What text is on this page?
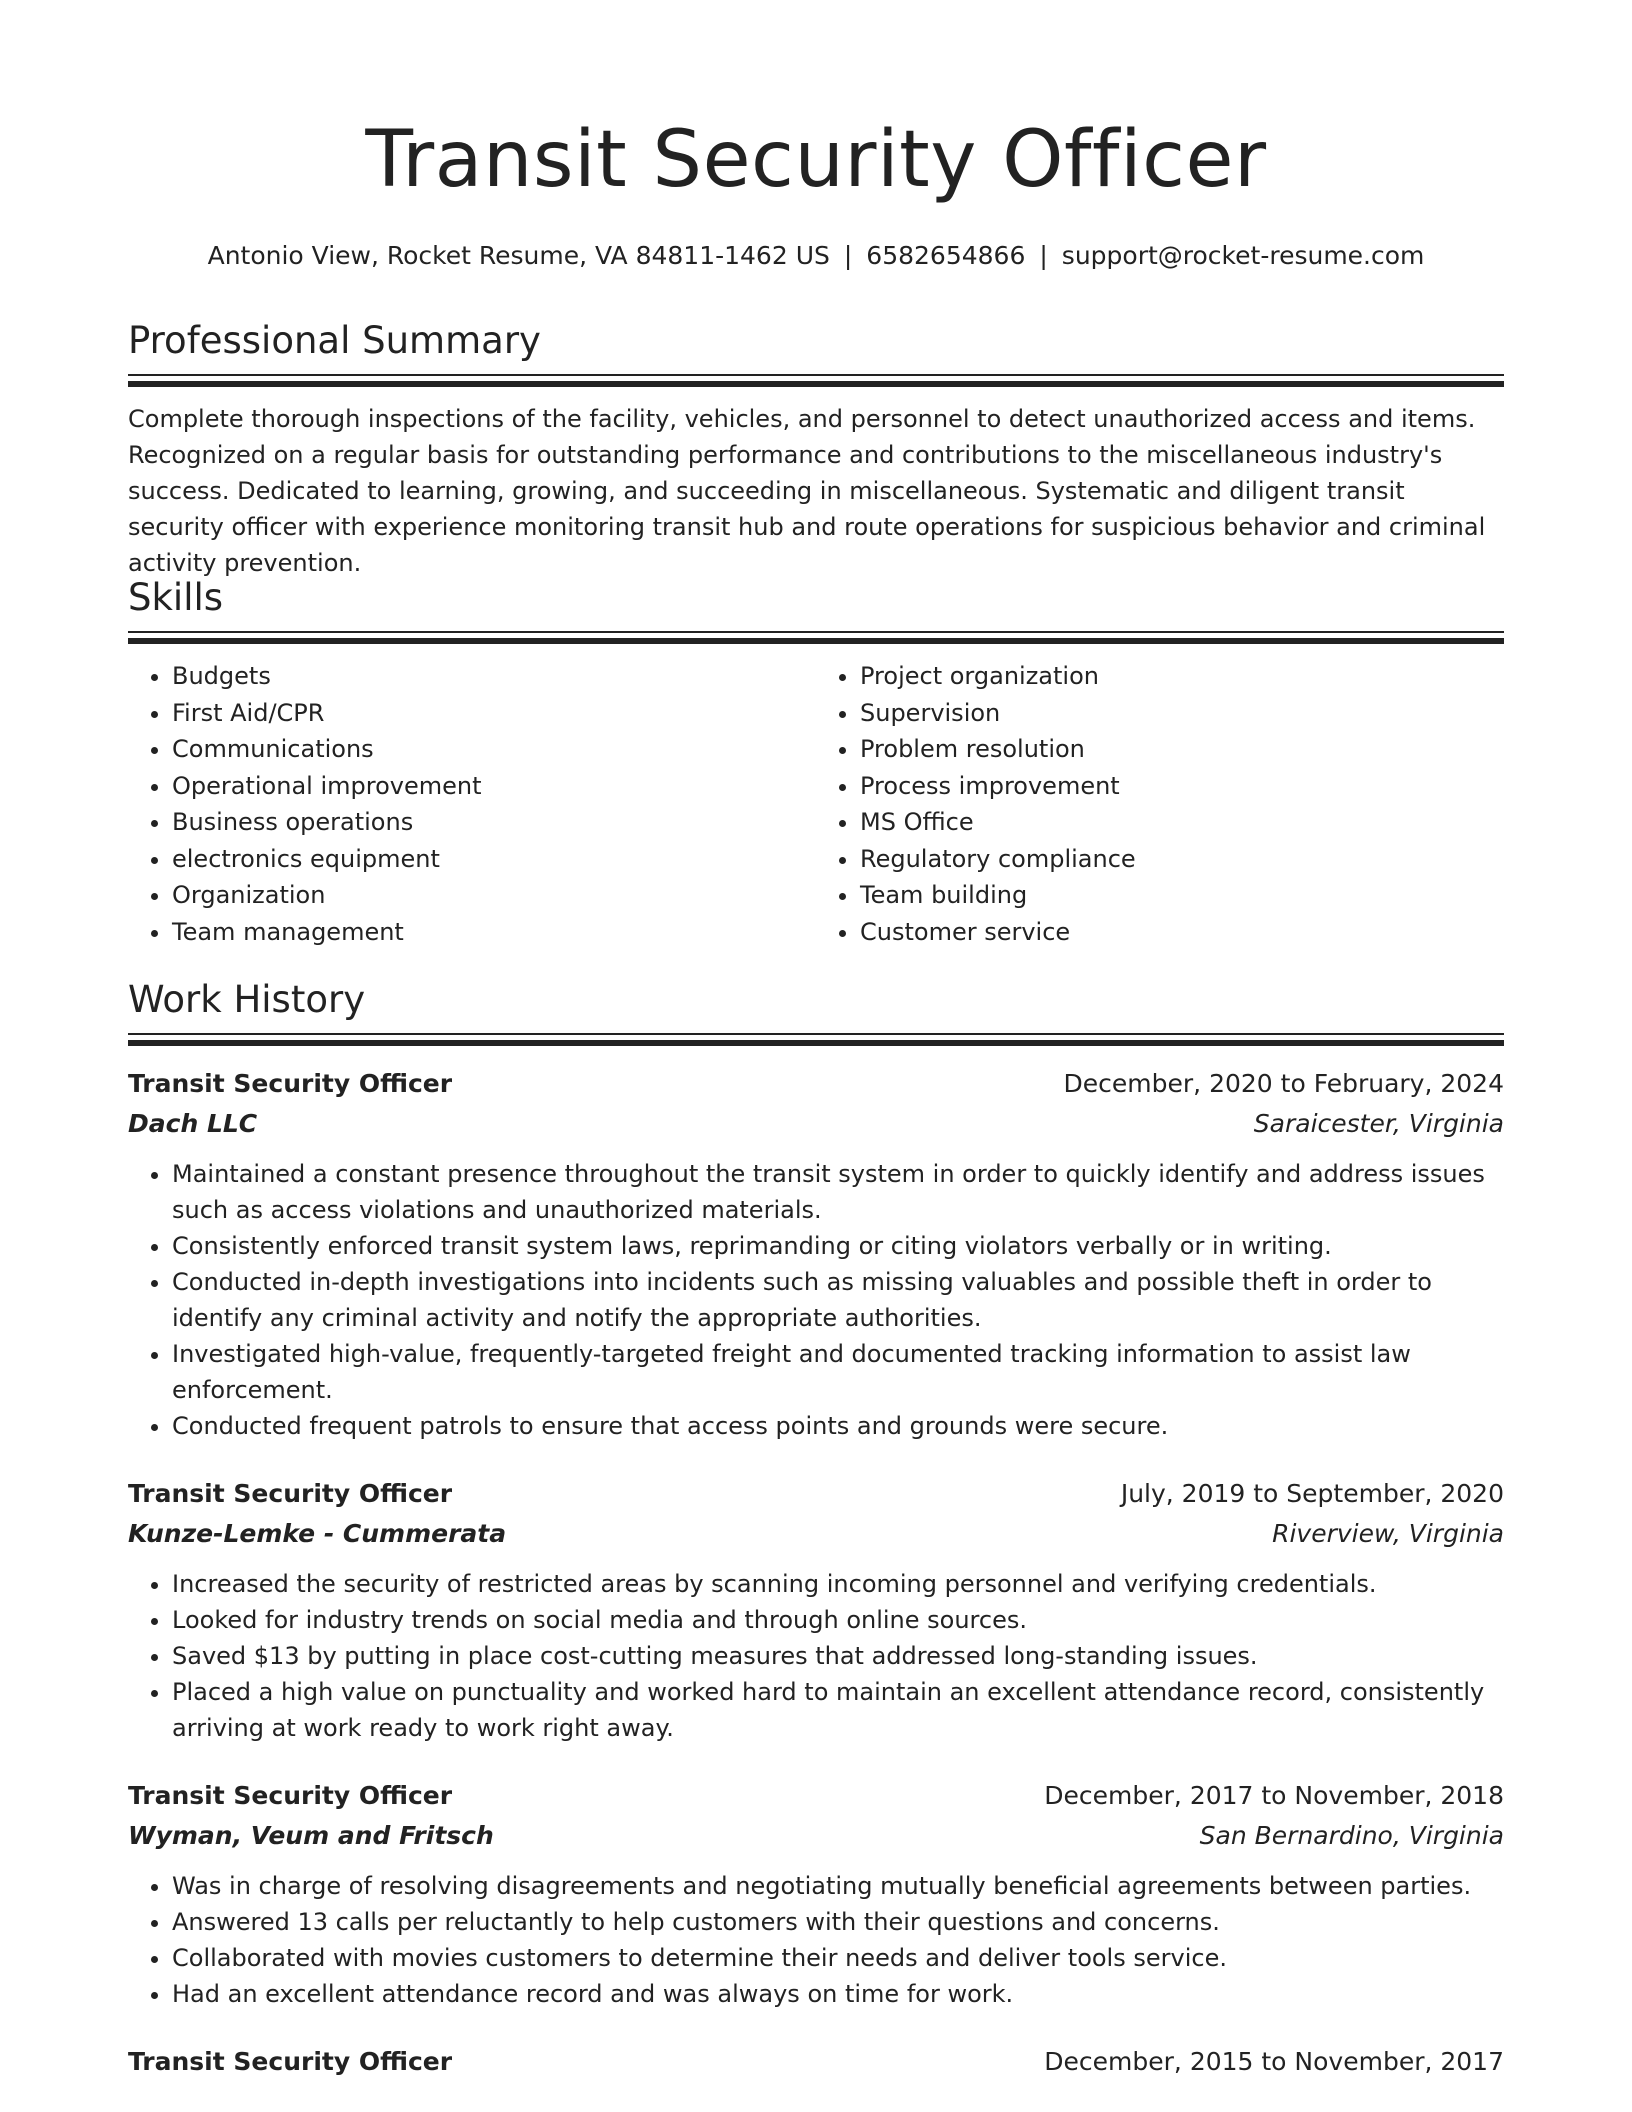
Transit Security Officer
Antonio View, Rocket Resume, VA 84811-1462 US | 6582654866 | support@rocket-resume.com
Professional Summary
Complete thorough inspections of the facility, vehicles, and personnel to detect unauthorized access and items. Recognized on a regular basis for outstanding performance and contributions to the miscellaneous industry's success. Dedicated to learning, growing, and succeeding in miscellaneous. Systematic and diligent transit security officer with experience monitoring transit hub and route operations for suspicious behavior and criminal activity prevention.
Skills
• Budgets
• First Aid/CPR
• Communications
• Operational improvement
• Business operations
• electronics equipment
• Organization
• Team management
• Project organization
• Supervision
• Problem resolution
• Process improvement
• MS Office
• Regulatory compliance
• Team building
• Customer service
Work History
Transit Security Officer	December, 2020 to February, 2024
Dach LLC	Saraicester, Virginia
• Maintained a constant presence throughout the transit system in order to quickly identify and address issues such as access violations and unauthorized materials.
• Consistently enforced transit system laws, reprimanding or citing violators verbally or in writing.
• Conducted in-depth investigations into incidents such as missing valuables and possible theft in order to identify any criminal activity and notify the appropriate authorities.
• Investigated high-value, frequently-targeted freight and documented tracking information to assist law enforcement.
• Conducted frequent patrols to ensure that access points and grounds were secure.
Transit Security Officer	July, 2019 to September, 2020
Kunze-Lemke - Cummerata	Riverview, Virginia
• Increased the security of restricted areas by scanning incoming personnel and verifying credentials.
• Looked for industry trends on social media and through online sources.
• Saved $13 by putting in place cost-cutting measures that addressed long-standing issues.
• Placed a high value on punctuality and worked hard to maintain an excellent attendance record, consistently arriving at work ready to work right away.
Transit Security Officer	December, 2017 to November, 2018
Wyman, Veum and Fritsch	San Bernardino, Virginia
• Was in charge of resolving disagreements and negotiating mutually beneficial agreements between parties.
• Answered 13 calls per reluctantly to help customers with their questions and concerns.
• Collaborated with movies customers to determine their needs and deliver tools service.
• Had an excellent attendance record and was always on time for work.
Transit Security Officer	December, 2015 to November, 2017
